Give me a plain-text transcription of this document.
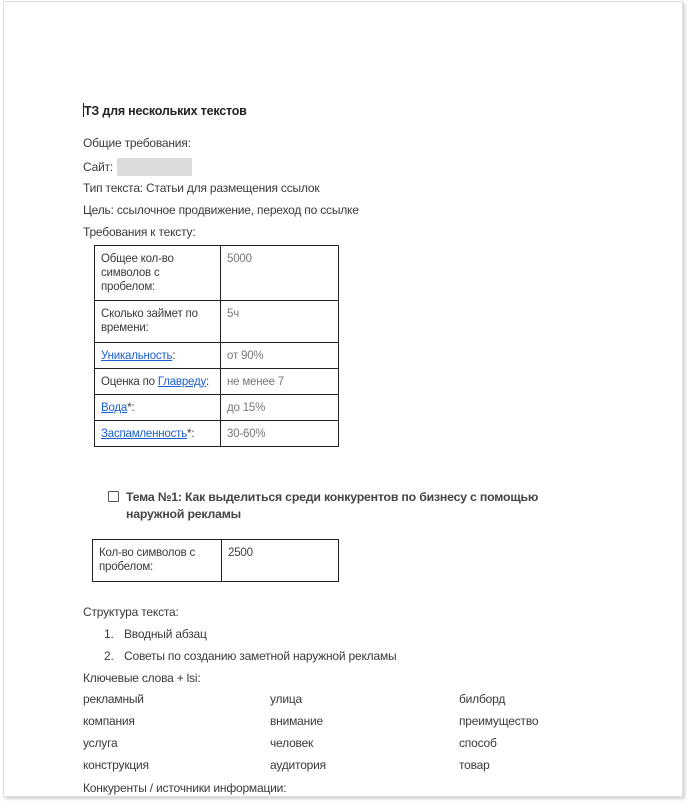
ТЗ для нескольких текстов
Общие требования:
Сайт:
Тип текста: Статьи для размещения ссылок
Цель: ссылочное продвижение, переход по ссылке
Требования к тексту:
Общее кол-во символов с пробелом:	5000
Сколько займет по времени:	5ч
Уникальность:	от 90%
Оценка по Главреду:	не менее 7
Вода*:	до 15%
Заспамленность*:	30-60%
Тема №1: Как выделиться среди конкурентов по бизнесу с помощью наружной рекламы
Кол-во символов с пробелом:	2500
Структура текста:
1. Вводный абзац
2. Советы по созданию заметной наружной рекламы
Ключевые слова + lsi:
рекламный	улица	билборд
компания	внимание	преимущество
услуга	человек	способ
конструкция	аудитория	товар
Конкуренты / источники информации:
